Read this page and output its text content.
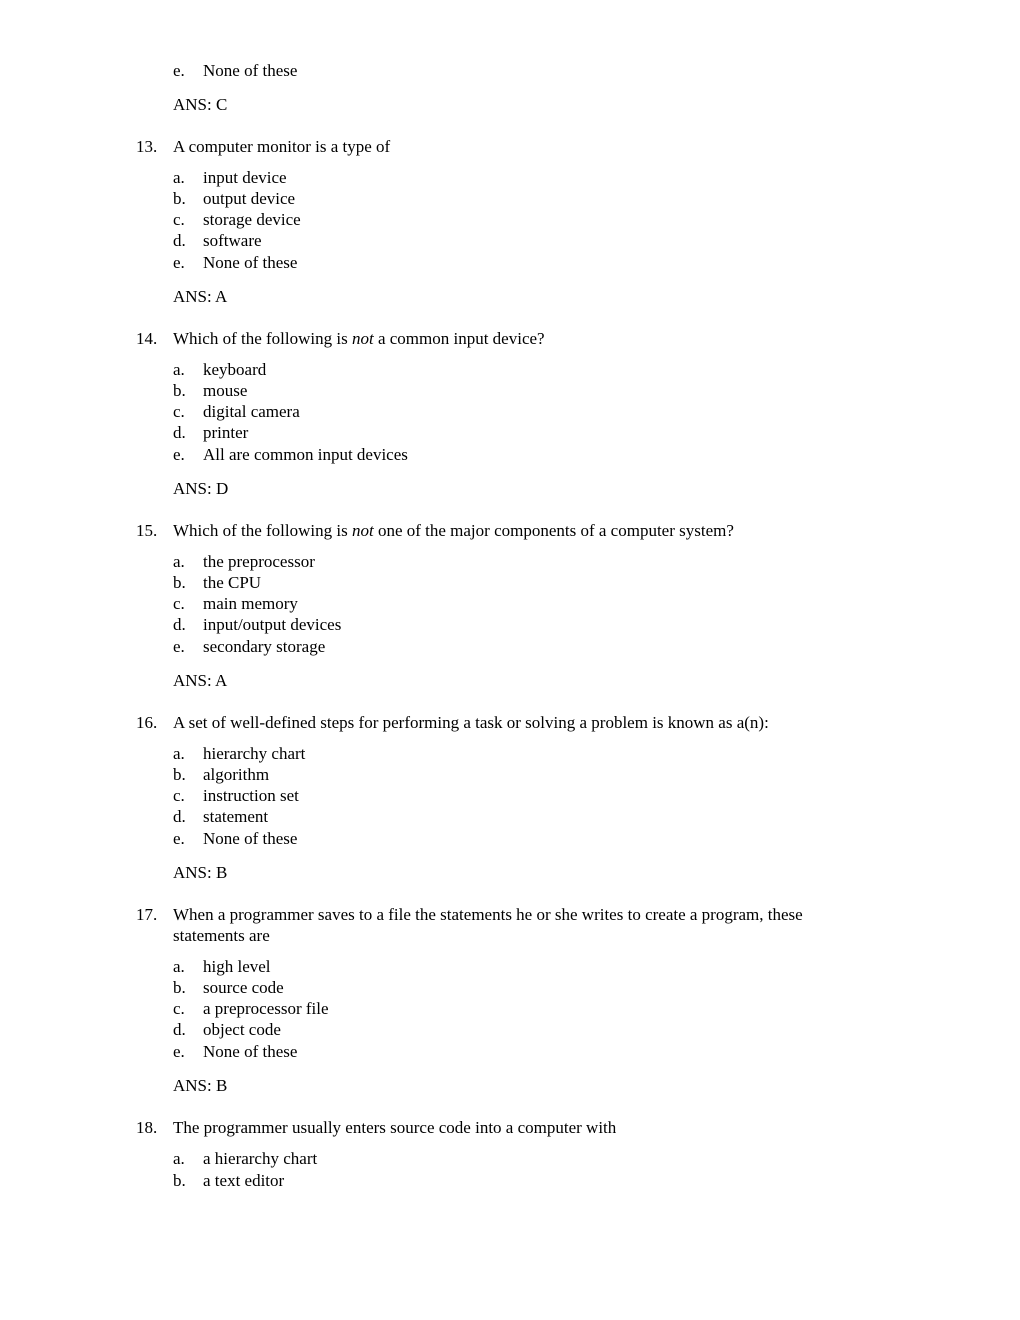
e. None of these
ANS: C
13. A computer monitor is a type of
a. input device
b. output device
c. storage device
d. software
e. None of these
ANS: A
14. Which of the following is not a common input device?
a. keyboard
b. mouse
c. digital camera
d. printer
e. All are common input devices
ANS: D
15. Which of the following is not one of the major components of a computer system?
a. the preprocessor
b. the CPU
c. main memory
d. input/output devices
e. secondary storage
ANS: A
16. A set of well-defined steps for performing a task or solving a problem is known as a(n):
a. hierarchy chart
b. algorithm
c. instruction set
d. statement
e. None of these
ANS: B
17. When a programmer saves to a file the statements he or she writes to create a program, these
statements are
a. high level
b. source code
c. a preprocessor file
d. object code
e. None of these
ANS: B
18. The programmer usually enters source code into a computer with
a. a hierarchy chart
b. a text editor
